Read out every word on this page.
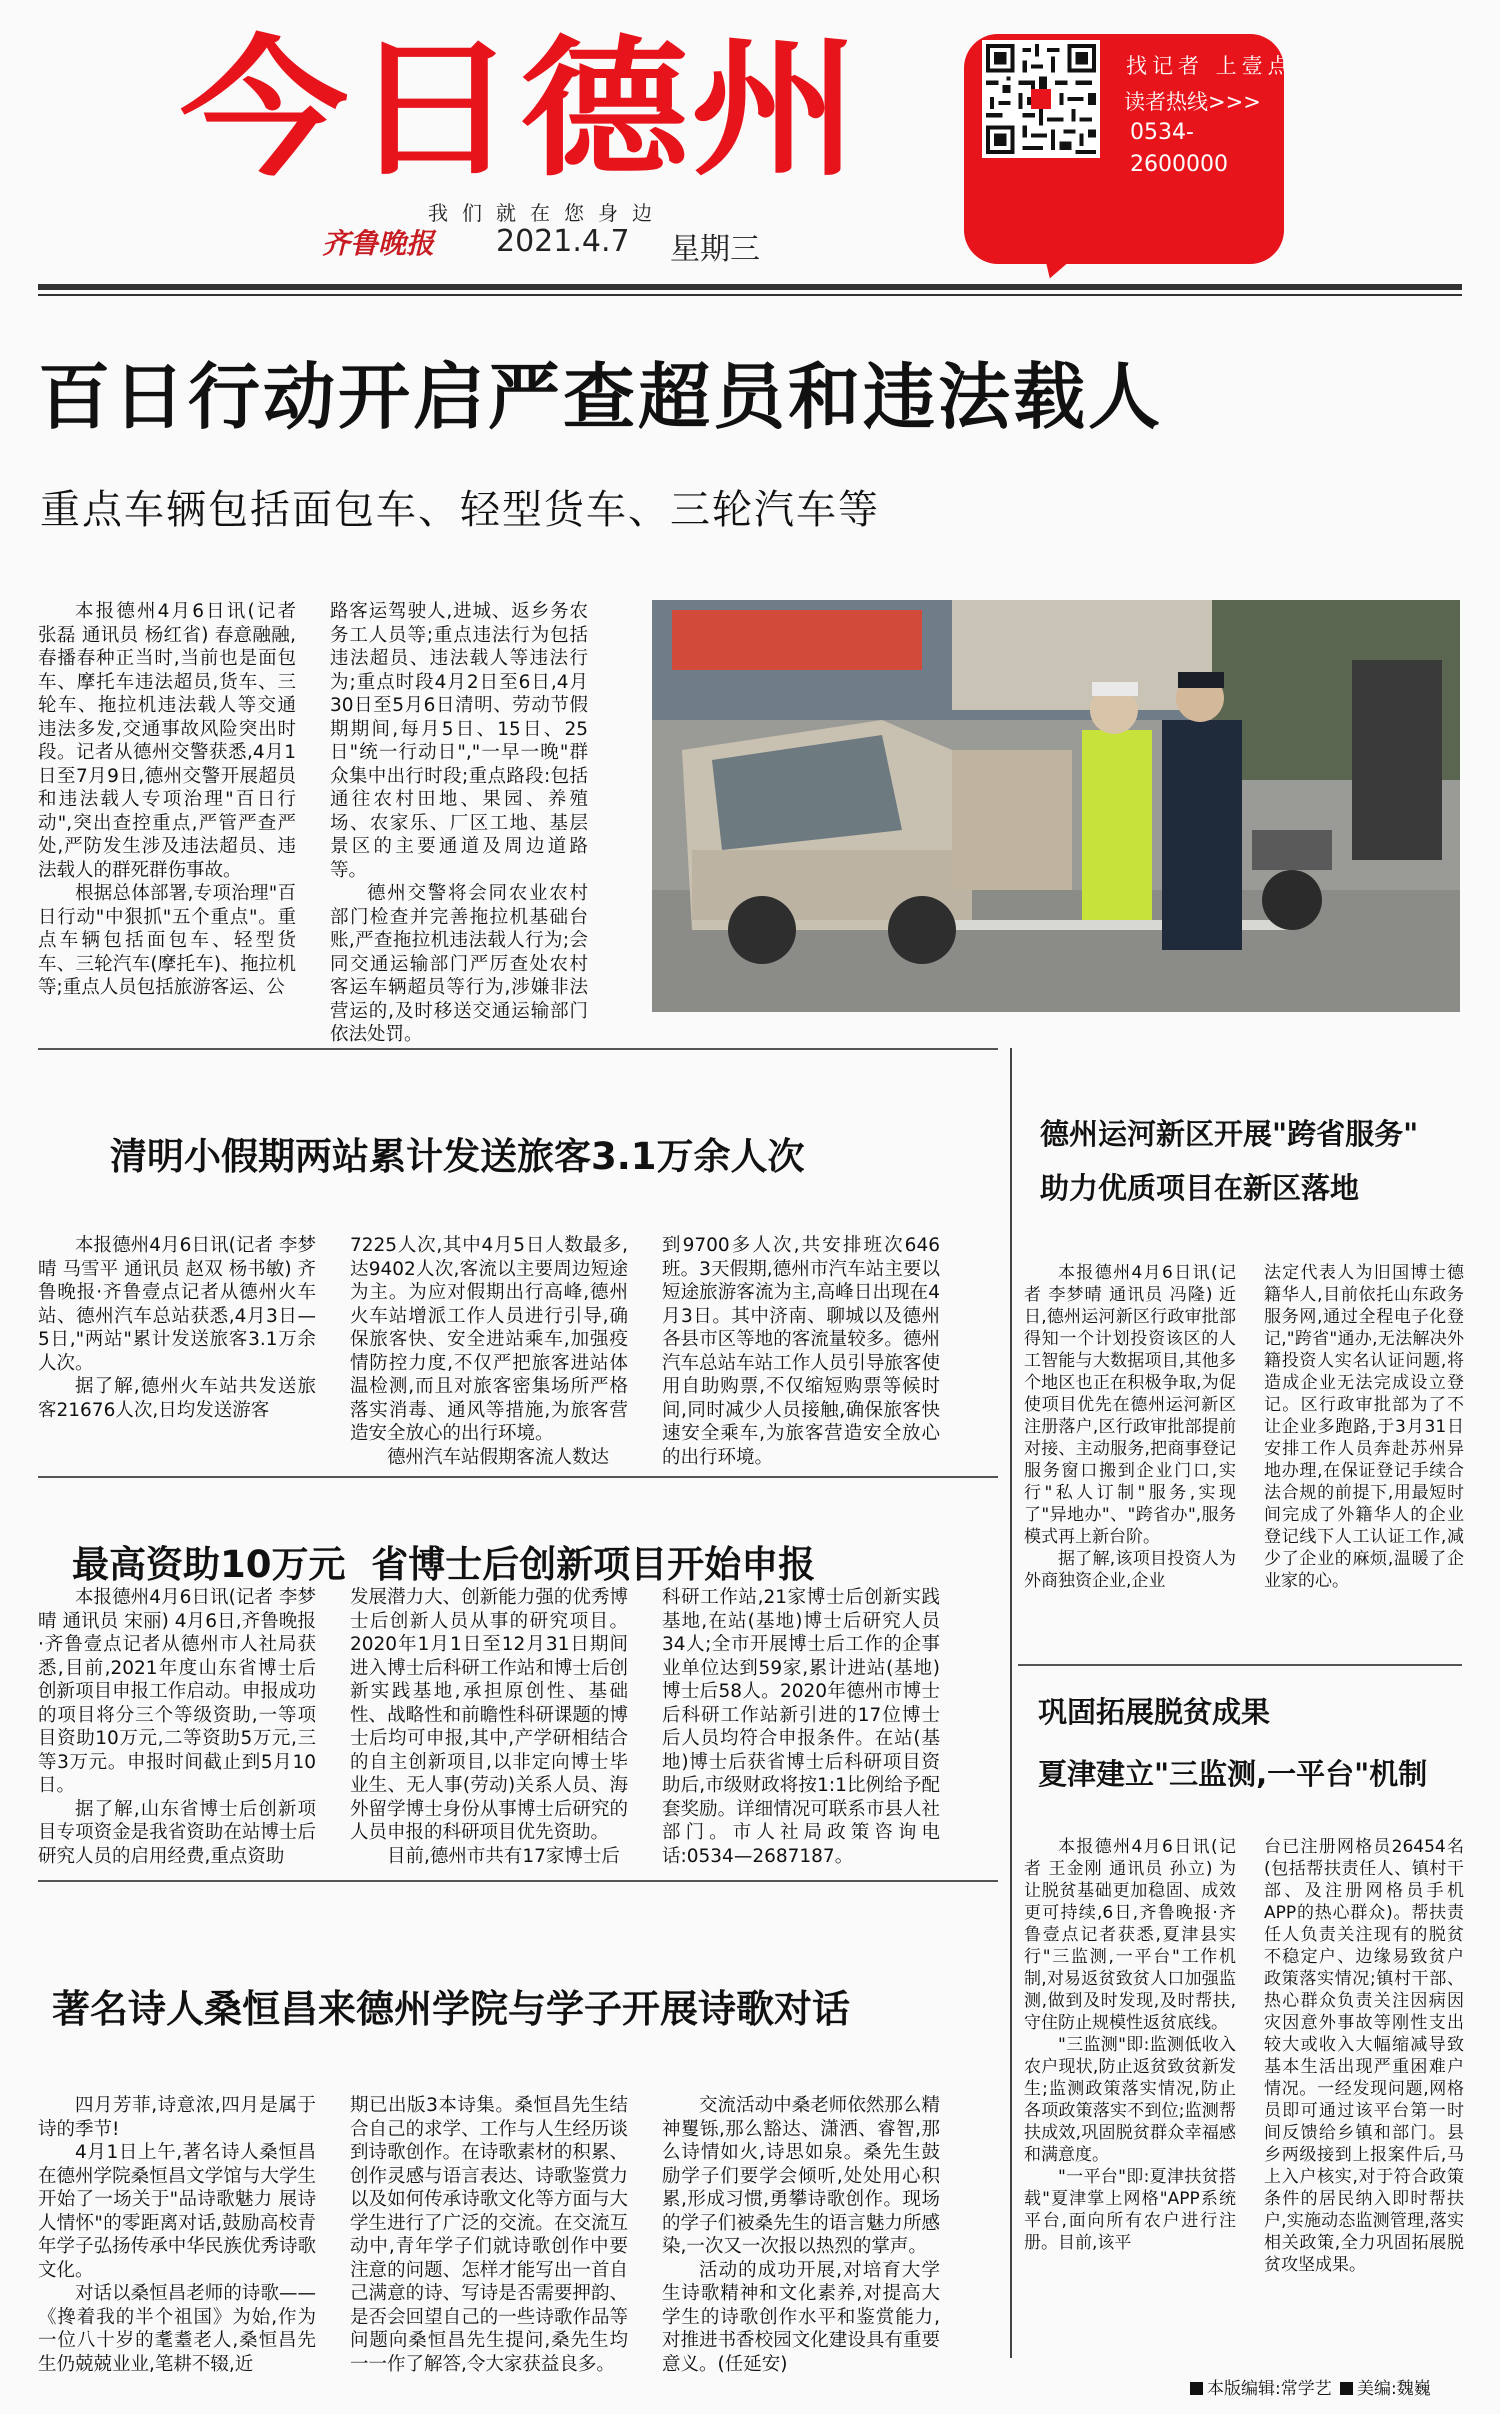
今日德州
我们就在您身边
齐鲁晚报 2021.4.7 星期三
找记者 上壹点
读者热线>>>
0534-
2600000
百日行动开启严查超员和违法载人
重点车辆包括面包车、轻型货车、三轮汽车等

本报德州4月6日讯(记者 张磊 通讯员 杨红省) 春意融融,春播春种正当时,当前也是面包车、摩托车违法超员,货车、三轮车、拖拉机违法载人等交通违法多发,交通事故风险突出时段。记者从德州交警获悉,4月1日至7月9日,德州交警开展超员和违法载人专项治理"百日行动",突出查控重点,严管严查严处,严防发生涉及违法超员、违法载人的群死群伤事故。

根据总体部署,专项治理"百日行动"中狠抓"五个重点"。重点车辆包括面包车、轻型货车、三轮汽车(摩托车)、拖拉机等;重点人员包括旅游客运、公

路客运驾驶人,进城、返乡务农务工人员等;重点违法行为包括违法超员、违法载人等违法行为;重点时段4月2日至6日,4月30日至5月6日清明、劳动节假期期间,每月5日、15日、25日"统一行动日","一早一晚"群众集中出行时段;重点路段:包括通往农村田地、果园、养殖场、农家乐、厂区工地、基层景区的主要通道及周边道路等。

德州交警将会同农业农村部门检查并完善拖拉机基础台账,严查拖拉机违法载人行为;会同交通运输部门严厉查处农村客运车辆超员等行为,涉嫌非法营运的,及时移送交通运输部门依法处罚。

清明小假期两站累计发送旅客3.1万余人次

本报德州4月6日讯(记者 李梦晴 马雪平 通讯员 赵双 杨书敏) 齐鲁晚报·齐鲁壹点记者从德州火车站、德州汽车总站获悉,4月3日—5日,"两站"累计发送旅客3.1万余人次。

据了解,德州火车站共发送旅客21676人次,日均发送游客

7225人次,其中4月5日人数最多,达9402人次,客流以主要周边短途为主。为应对假期出行高峰,德州火车站增派工作人员进行引导,确保旅客快、安全进站乘车,加强疫情防控力度,不仅严把旅客进站体温检测,而且对旅客密集场所严格落实消毒、通风等措施,为旅客营造安全放心的出行环境。

德州汽车站假期客流人数达

到9700多人次,共安排班次646班。3天假期,德州市汽车站主要以短途旅游客流为主,高峰日出现在4月3日。其中济南、聊城以及德州各县市区等地的客流量较多。德州汽车总站车站工作人员引导旅客使用自助购票,不仅缩短购票等候时间,同时减少人员接触,确保旅客快速安全乘车,为旅客营造安全放心的出行环境。

最高资助10万元  省博士后创新项目开始申报

本报德州4月6日讯(记者 李梦晴 通讯员 宋丽) 4月6日,齐鲁晚报·齐鲁壹点记者从德州市人社局获悉,目前,2021年度山东省博士后创新项目申报工作启动。申报成功的项目将分三个等级资助,一等项目资助10万元,二等资助5万元,三等3万元。申报时间截止到5月10日。

据了解,山东省博士后创新项目专项资金是我省资助在站博士后研究人员的启用经费,重点资助

发展潜力大、创新能力强的优秀博士后创新人员从事的研究项目。2020年1月1日至12月31日期间进入博士后科研工作站和博士后创新实践基地,承担原创性、基础性、战略性和前瞻性科研课题的博士后均可申报,其中,产学研相结合的自主创新项目,以非定向博士毕业生、无人事(劳动)关系人员、海外留学博士身份从事博士后研究的人员申报的科研项目优先资助。

目前,德州市共有17家博士后

科研工作站,21家博士后创新实践基地,在站(基地)博士后研究人员34人;全市开展博士后工作的企事业单位达到59家,累计进站(基地)博士后58人。2020年德州市博士后科研工作站新引进的17位博士后人员均符合申报条件。在站(基地)博士后获省博士后科研项目资助后,市级财政将按1:1比例给予配套奖励。详细情况可联系市县人社部门。市人社局政策咨询电话:0534—2687187。

著名诗人桑恒昌来德州学院与学子开展诗歌对话

四月芳菲,诗意浓,四月是属于诗的季节!

4月1日上午,著名诗人桑恒昌在德州学院桑恒昌文学馆与大学生开始了一场关于"品诗歌魅力 展诗人情怀"的零距离对话,鼓励高校青年学子弘扬传承中华民族优秀诗歌文化。

对话以桑恒昌老师的诗歌——《搀着我的半个祖国》为始,作为一位八十岁的耄耋老人,桑恒昌先生仍兢兢业业,笔耕不辍,近

期已出版3本诗集。桑恒昌先生结合自己的求学、工作与人生经历谈到诗歌创作。在诗歌素材的积累、创作灵感与语言表达、诗歌鉴赏力以及如何传承诗歌文化等方面与大学生进行了广泛的交流。在交流互动中,青年学子们就诗歌创作中要注意的问题、怎样才能写出一首自己满意的诗、写诗是否需要押韵、是否会回望自己的一些诗歌作品等问题向桑恒昌先生提问,桑先生均一一作了解答,令大家获益良多。

交流活动中桑老师依然那么精神矍铄,那么豁达、潇洒、睿智,那么诗情如火,诗思如泉。桑先生鼓励学子们要学会倾听,处处用心积累,形成习惯,勇攀诗歌创作。现场的学子们被桑先生的语言魅力所感染,一次又一次报以热烈的掌声。

活动的成功开展,对培育大学生诗歌精神和文化素养,对提高大学生的诗歌创作水平和鉴赏能力,对推进书香校园文化建设具有重要意义。(任延安)

德州运河新区开展"跨省服务"
助力优质项目在新区落地

本报德州4月6日讯(记者 李梦晴 通讯员 冯隆) 近日,德州运河新区行政审批部得知一个计划投资该区的人工智能与大数据项目,其他多个地区也正在积极争取,为促使项目优先在德州运河新区注册落户,区行政审批部提前对接、主动服务,把商事登记服务窗口搬到企业门口,实行"私人订制"服务,实现了"异地办"、"跨省办",服务模式再上新台阶。

据了解,该项目投资人为外商独资企业,企业

法定代表人为旧国博士德籍华人,目前依托山东政务服务网,通过全程电子化登记,"跨省"通办,无法解决外籍投资人实名认证问题,将造成企业无法完成设立登记。区行政审批部为了不让企业多跑路,于3月31日安排工作人员奔赴苏州异地办理,在保证登记手续合法合规的前提下,用最短时间完成了外籍华人的企业登记线下人工认证工作,减少了企业的麻烦,温暖了企业家的心。

巩固拓展脱贫成果
夏津建立"三监测,一平台"机制

本报德州4月6日讯(记者 王金刚 通讯员 孙立) 为让脱贫基础更加稳固、成效更可持续,6日,齐鲁晚报·齐鲁壹点记者获悉,夏津县实行"三监测,一平台"工作机制,对易返贫致贫人口加强监测,做到及时发现,及时帮扶,守住防止规模性返贫底线。

"三监测"即:监测低收入农户现状,防止返贫致贫新发生;监测政策落实情况,防止各项政策落实不到位;监测帮扶成效,巩固脱贫群众幸福感和满意度。

"一平台"即:夏津扶贫搭载"夏津掌上网格"APP系统平台,面向所有农户进行注册。目前,该平

台已注册网格员26454名(包括帮扶责任人、镇村干部、及注册网格员手机APP的热心群众)。帮扶责任人负责关注现有的脱贫不稳定户、边缘易致贫户政策落实情况;镇村干部、热心群众负责关注因病因灾因意外事故等刚性支出较大或收入大幅缩减导致基本生活出现严重困难户情况。一经发现问题,网格员即可通过该平台第一时间反馈给乡镇和部门。县乡两级接到上报案件后,马上入户核实,对于符合政策条件的居民纳入即时帮扶户,实施动态监测管理,落实相关政策,全力巩固拓展脱贫攻坚成果。

本版编辑:常学艺	美编:魏巍
